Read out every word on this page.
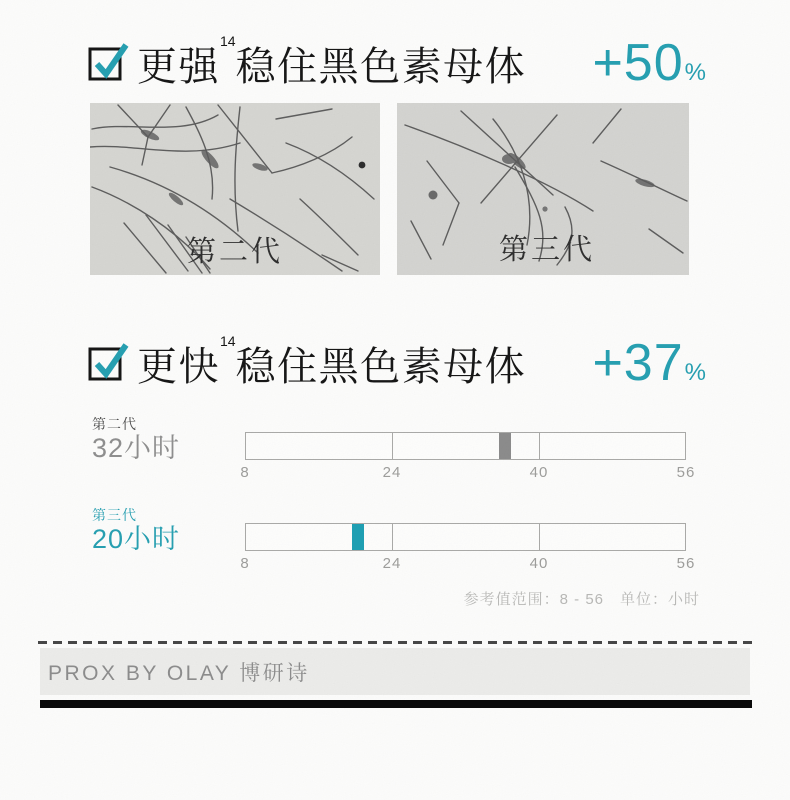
更强$^{14}$稳住黑色素母体 +50 %
第二代	第三代
更快$^{14}$稳住黑色素母体 +37 %
第二代
32小时
8	24	40	56
第三代
20小时
8	24	40	56
参考值范围：8 - 56　单位：小时
PROX BY OLAY 博研诗
